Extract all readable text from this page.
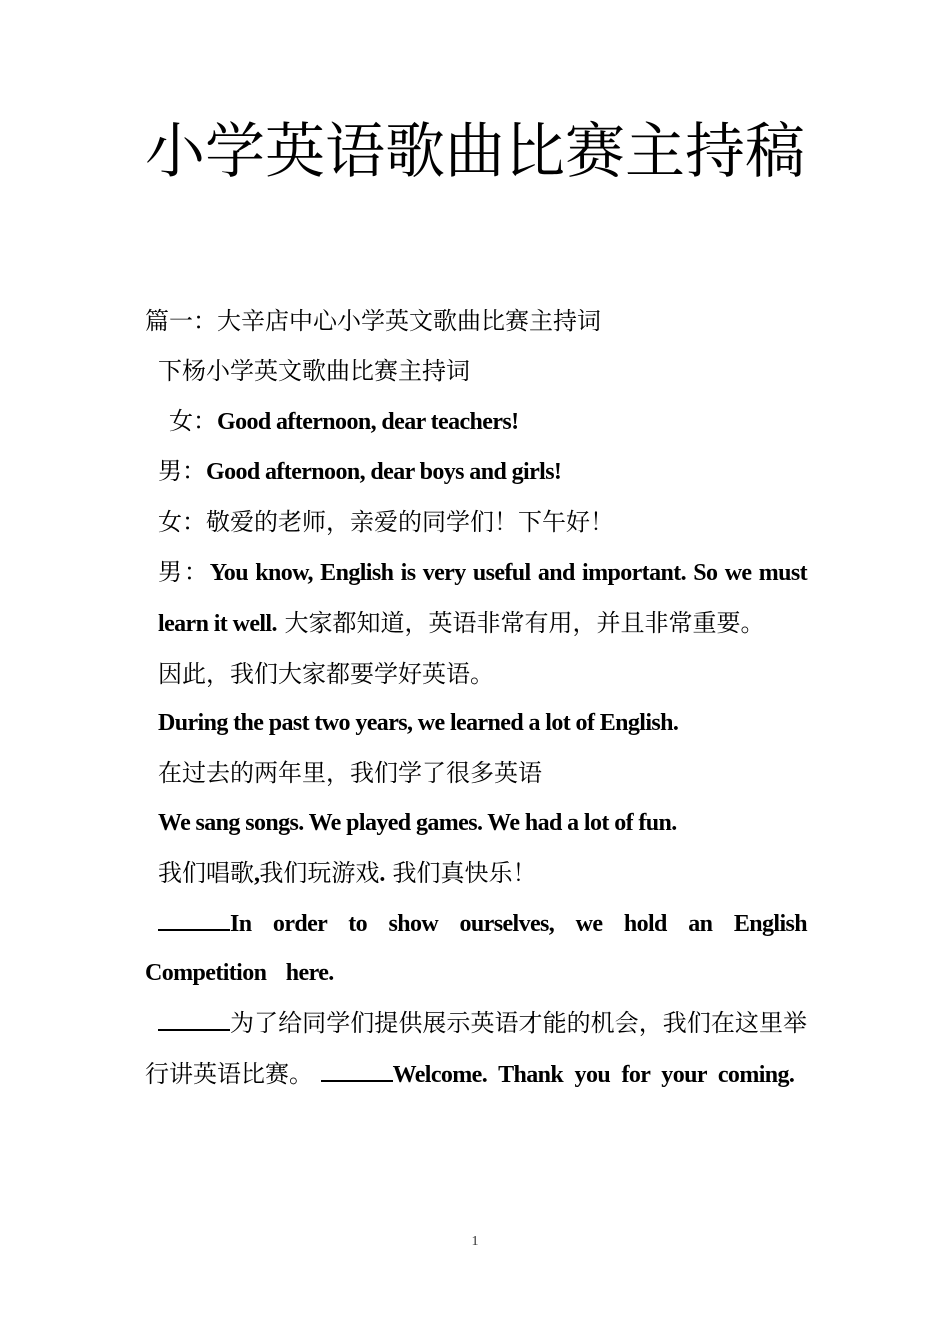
小学英语歌曲比赛主持稿

篇一：大辛店中心小学英文歌曲比赛主持词

下杨小学英文歌曲比赛主持词

女：Good afternoon, dear teachers!

男：Good afternoon, dear boys and girls!

女：敬爱的老师，亲爱的同学们！下午好！

男：You know, English is very useful and important. So we must learn it well. 大家都知道，英语非常有用，并且非常重要。

因此，我们大家都要学好英语。

During the past two years, we learned a lot of English.

在过去的两年里，我们学了很多英语

We sang songs. We played games. We had a lot of fun.

我们唱歌,我们玩游戏. 我们真快乐！

In order to show ourselves, we hold an English Competition here.

为了给同学们提供展示英语才能的机会，我们在这里举行讲英语比赛。	Welcome. Thank you for your coming.

1
